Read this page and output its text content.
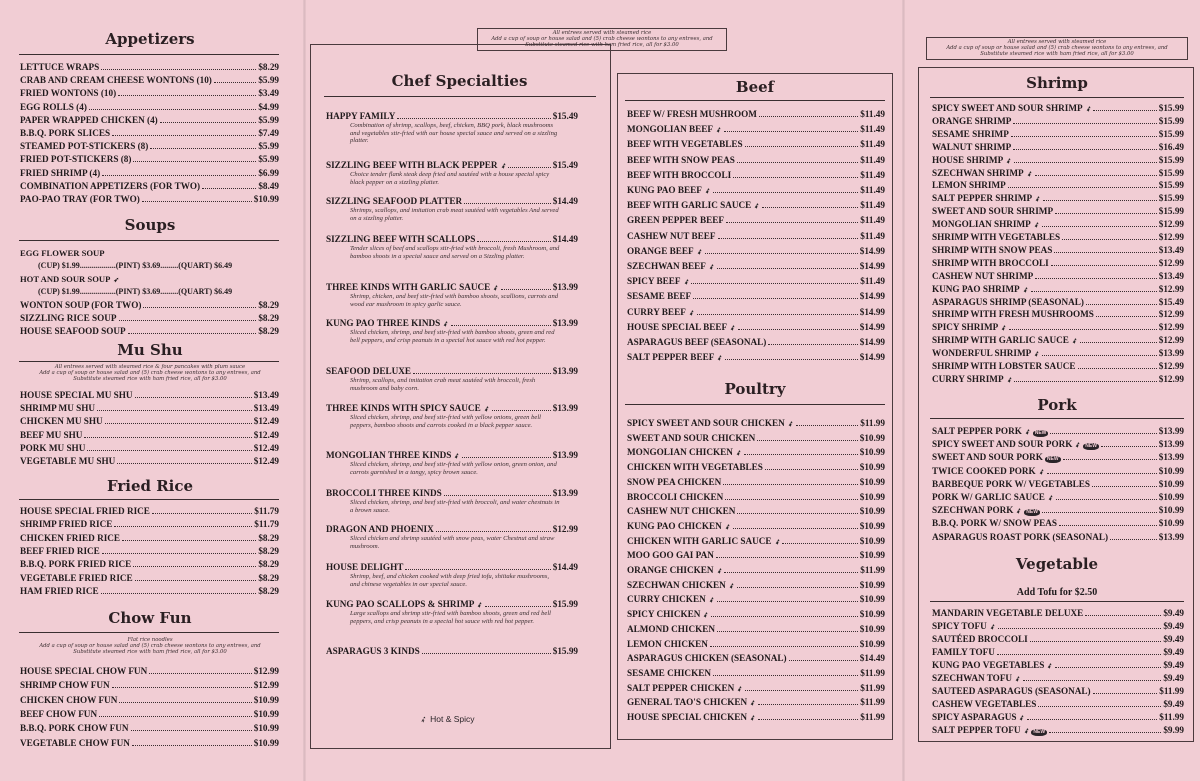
Appetizers
LETTUCE WRAPS	$8.29
CRAB AND CREAM CHEESE WONTONS (10)	$5.99
FRIED WONTONS (10)	$3.49
EGG ROLLS (4)	$4.99
PAPER WRAPPED CHICKEN (4)	$5.99
B.B.Q. PORK SLICES	$7.49
STEAMED POT-STICKERS (8)	$5.99
FRIED POT-STICKERS (8)	$5.99
FRIED SHRIMP (4)	$6.99
COMBINATION APPETIZERS (FOR TWO)	$8.49
PAO-PAO TRAY (FOR TWO)	$10.99
Soups
EGG FLOWER SOUP
(CUP) $1.99..................(PINT) $3.69.........(QUART) $6.49
HOT AND SOUR SOUP ➶
(CUP) $1.99..................(PINT) $3.69.........(QUART) $6.49
WONTON SOUP (FOR TWO)	$8.29
SIZZLING RICE SOUP	$8.29
HOUSE SEAFOOD SOUP	$8.29
Mu Shu
All entrees served with steamed rice & four pancakes with plum sauce
Add a cup of soup or house salad and (5) crab cheese wontons to any entrees, and
Substitute steamed rice with ham fried rice, all for $3.00
HOUSE SPECIAL MU SHU	$13.49
SHRIMP MU SHU	$13.49
CHICKEN MU SHU	$12.49
BEEF MU SHU	$12.49
PORK MU SHU	$12.49
VEGETABLE MU SHU	$12.49
Fried Rice
HOUSE SPECIAL FRIED RICE	$11.79
SHRIMP FRIED RICE	$11.79
CHICKEN FRIED RICE	$8.29
BEEF FRIED RICE	$8.29
B.B.Q. PORK FRIED RICE	$8.29
VEGETABLE FRIED RICE	$8.29
HAM FRIED RICE	$8.29
Chow Fun
Flat rice noodles
Add a cup of soup or house salad and (5) crab cheese wontons to any entrees, and
Substitute steamed rice with ham fried rice, all for $3.00
HOUSE SPECIAL CHOW FUN	$12.99
SHRIMP CHOW FUN	$12.99
CHICKEN CHOW FUN	$10.99
BEEF CHOW FUN	$10.99
B.B.Q. PORK CHOW FUN	$10.99
VEGETABLE CHOW FUN	$10.99
Chef Specialties
HAPPY FAMILY	$15.49
Combination of shrimp, scallops, beef, chicken, BBQ pork, black mushrooms and vegetables stir-fried with our house special sauce and served on a sizzling platter.
SIZZLING BEEF WITH BLACK PEPPER ➶	$15.49
Choice tender flank steak deep fried and sautéed with a house special spicy black pepper on a sizzling platter.
SIZZLING SEAFOOD PLATTER	$14.49
Shrimps, scallops, and imitation crab meat sautéed with vegetables And served on a sizzling platter.
SIZZLING BEEF WITH SCALLOPS	$14.49
Tender slices of beef and scallops stir-fried with broccoli, fresh Mushroom, and bamboo shoots in a special sauce and served on a Sizzling platter.
THREE KINDS WITH GARLIC SAUCE ➶	$13.99
Shrimp, chicken, and beef stir-fried with bamboo shoots, scallions, carrots and wood ear mushroom in spicy garlic sauce.
KUNG PAO THREE KINDS ➶	$13.99
Sliced chicken, shrimp, and beef stir-fried with bamboo shoots, green and red bell peppers, and crisp peanuts in a special hot sauce with red hot pepper.
SEAFOOD DELUXE	$13.99
Shrimp, scallops, and imitation crab meat sautéed with broccoli, fresh mushroom and baby corn.
THREE KINDS WITH SPICY SAUCE ➶	$13.99
Sliced chicken, shrimp, and beef stir-fried with yellow onions, green bell peppers, bamboo shoots and carrots cooked in a black pepper sauce.
MONGOLIAN THREE KINDS ➶	$13.99
Sliced chicken, shrimp, and beef stir-fried with yellow onion, green onion, and carrots garnished in a tangy, spicy brown sauce.
BROCCOLI THREE KINDS	$13.99
Sliced chicken, shrimp, and beef stir-fried with broccoli, and water chestnuts in a brown sauce.
DRAGON AND PHOENIX	$12.99
Sliced chicken and shrimp sautéed with snow peas, water Chestnut and straw mushroom.
HOUSE DELIGHT	$14.49
Shrimp, beef, and chicken cooked with deep fried tofu, shiitake mushrooms, and chinese vegetables in our special sauce.
KUNG PAO SCALLOPS & SHRIMP ➶	$15.99
Large scallops and shrimp stir-fried with bamboo shoots, green and red bell peppers, and crisp peanuts in a special hot sauce with red hot pepper.
ASPARAGUS 3 KINDS	$15.99
➶ Hot & Spicy
All entrees served with steamed rice
Add a cup of soup or house salad and (5) crab cheese wontons to any entrees, and
Substitute steamed rice with ham fried rice, all for $3.00
Beef
BEEF W/ FRESH MUSHROOM	$11.49
MONGOLIAN BEEF ➶	$11.49
BEEF WITH VEGETABLES	$11.49
BEEF WITH SNOW PEAS	$11.49
BEEF WITH BROCCOLI	$11.49
KUNG PAO BEEF ➶	$11.49
BEEF WITH GARLIC SAUCE ➶	$11.49
GREEN PEPPER BEEF	$11.49
CASHEW NUT BEEF	$11.49
ORANGE BEEF ➶	$14.99
SZECHWAN BEEF ➶	$14.99
SPICY BEEF ➶	$11.49
SESAME BEEF	$14.99
CURRY BEEF ➶	$14.99
HOUSE SPECIAL BEEF ➶	$14.99
ASPARAGUS BEEF (SEASONAL)	$14.99
SALT PEPPER BEEF ➶	$14.99
Poultry
SPICY SWEET AND SOUR CHICKEN ➶	$11.99
SWEET AND SOUR CHICKEN	$10.99
MONGOLIAN CHICKEN ➶	$10.99
CHICKEN WITH VEGETABLES	$10.99
SNOW PEA CHICKEN	$10.99
BROCCOLI CHICKEN	$10.99
CASHEW NUT CHICKEN	$10.99
KUNG PAO CHICKEN ➶	$10.99
CHICKEN WITH GARLIC SAUCE ➶	$10.99
MOO GOO GAI PAN	$10.99
ORANGE CHICKEN ➶	$11.99
SZECHWAN CHICKEN ➶	$10.99
CURRY CHICKEN ➶	$10.99
SPICY CHICKEN ➶	$10.99
ALMOND CHICKEN	$10.99
LEMON CHICKEN	$10.99
ASPARAGUS CHICKEN (SEASONAL)	$14.49
SESAME CHICKEN	$11.99
SALT PEPPER CHICKEN ➶	$11.99
GENERAL TAO'S CHICKEN ➶	$11.99
HOUSE SPECIAL CHICKEN ➶	$11.99
All entrees served with steamed rice
Add a cup of soup or house salad and (5) crab cheese wontons to any entrees, and
Substitute steamed rice with ham fried rice, all for $3.00
Shrimp
SPICY SWEET AND SOUR SHRIMP ➶	$15.99
ORANGE SHRIMP	$15.99
SESAME SHRIMP	$15.99
WALNUT SHRIMP	$16.49
HOUSE SHRIMP ➶	$15.99
SZECHWAN SHRIMP ➶	$15.99
LEMON SHRIMP	$15.99
SALT PEPPER SHRIMP ➶	$15.99
SWEET AND SOUR SHRIMP	$15.99
MONGOLIAN SHRIMP ➶	$12.99
SHRIMP WITH VEGETABLES	$12.99
SHRIMP WITH SNOW PEAS	$13.49
SHRIMP WITH BROCCOLI	$12.99
CASHEW NUT SHRIMP	$13.49
KUNG PAO SHRIMP ➶	$12.99
ASPARAGUS SHRIMP (SEASONAL)	$15.49
SHRIMP WITH FRESH MUSHROOMS	$12.99
SPICY SHRIMP ➶	$12.99
SHRIMP WITH GARLIC SAUCE ➶	$12.99
WONDERFUL SHRIMP ➶	$13.99
SHRIMP WITH LOBSTER SAUCE	$12.99
CURRY SHRIMP ➶	$12.99
Pork
SALT PEPPER PORK ➶ NEW	$13.99
SPICY SWEET AND SOUR PORK ➶ NEW	$13.99
SWEET AND SOUR PORK NEW	$13.99
TWICE COOKED PORK ➶	$10.99
BARBEQUE PORK W/ VEGETABLES	$10.99
PORK W/ GARLIC SAUCE ➶	$10.99
SZECHWAN PORK ➶ NEW	$10.99
B.B.Q. PORK W/ SNOW PEAS	$10.99
ASPARAGUS ROAST PORK (SEASONAL)	$13.99
Vegetable
Add Tofu for $2.50
MANDARIN VEGETABLE DELUXE	$9.49
SPICY TOFU ➶	$9.49
SAUTÉED BROCCOLI	$9.49
FAMILY TOFU	$9.49
KUNG PAO VEGETABLES ➶	$9.49
SZECHWAN TOFU ➶	$9.49
SAUTEED ASPARAGUS (SEASONAL)	$11.99
CASHEW VEGETABLES	$9.49
SPICY ASPARAGUS ➶	$11.99
SALT PEPPER TOFU ➶ NEW	$9.99
